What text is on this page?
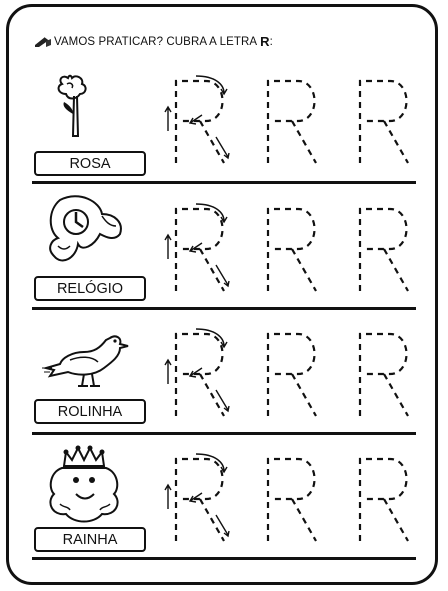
VAMOS PRATICAR? CUBRA A LETRA R :
ROSA
RELÓGIO
ROLINHA
RAINHA
